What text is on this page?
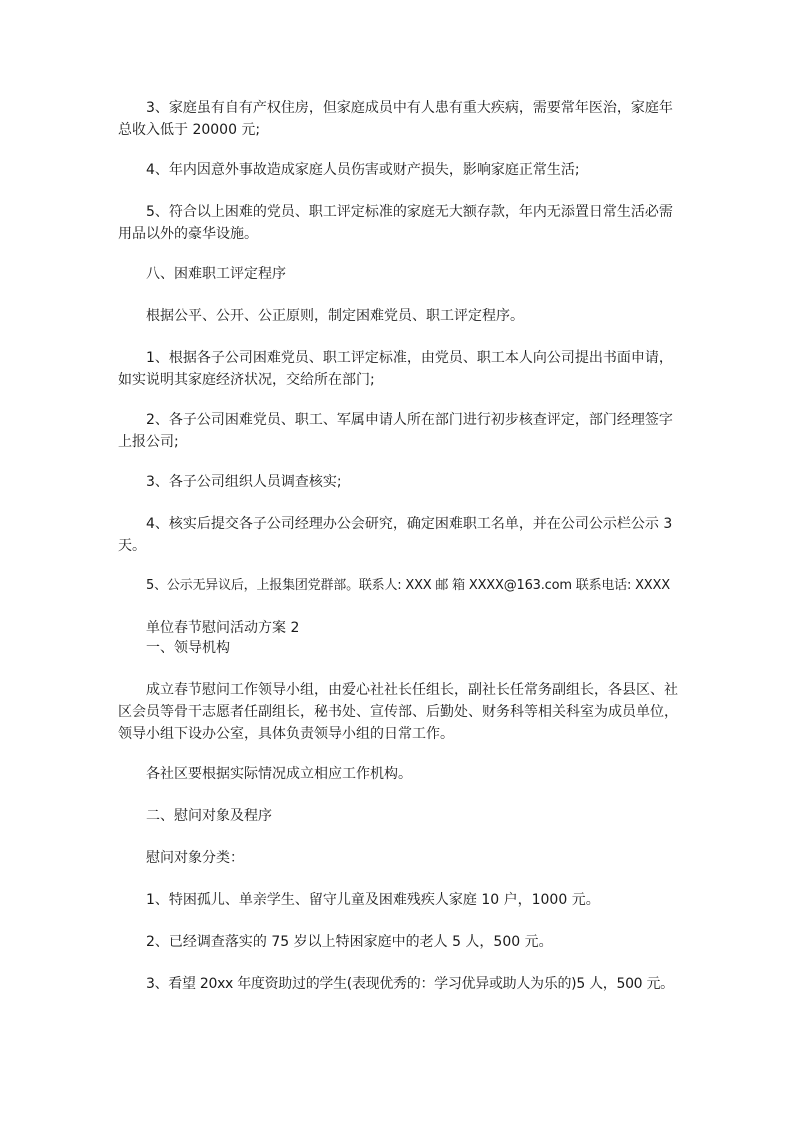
3、家庭虽有自有产权住房，但家庭成员中有人患有重大疾病，需要常年医治，家庭年总收入低于 20000 元;
4、年内因意外事故造成家庭人员伤害或财产损失，影响家庭正常生活;
5、符合以上困难的党员、职工评定标准的家庭无大额存款，年内无添置日常生活必需用品以外的豪华设施。
八、困难职工评定程序
根据公平、公开、公正原则，制定困难党员、职工评定程序。
1、根据各子公司困难党员、职工评定标准，由党员、职工本人向公司提出书面申请，如实说明其家庭经济状况，交给所在部门;
2、各子公司困难党员、职工、军属申请人所在部门进行初步核查评定，部门经理签字上报公司;
3、各子公司组织人员调查核实;
4、核实后提交各子公司经理办公会研究，确定困难职工名单，并在公司公示栏公示 3 天。
5、公示无异议后，上报集团党群部。联系人: XXX 邮 箱 XXXX@163.com 联系电话: XXXX
单位春节慰问活动方案 2
一、领导机构
成立春节慰问工作领导小组，由爱心社社长任组长，副社长任常务副组长，各县区、社区会员等骨干志愿者任副组长，秘书处、宣传部、后勤处、财务科等相关科室为成员单位，领导小组下设办公室，具体负责领导小组的日常工作。
各社区要根据实际情况成立相应工作机构。
二、慰问对象及程序
慰问对象分类：
1、特困孤儿、单亲学生、留守儿童及困难残疾人家庭 10 户，1000 元。
2、已经调查落实的 75 岁以上特困家庭中的老人 5 人，500 元。
3、看望 20xx 年度资助过的学生(表现优秀的：学习优异或助人为乐的)5 人，500 元。
